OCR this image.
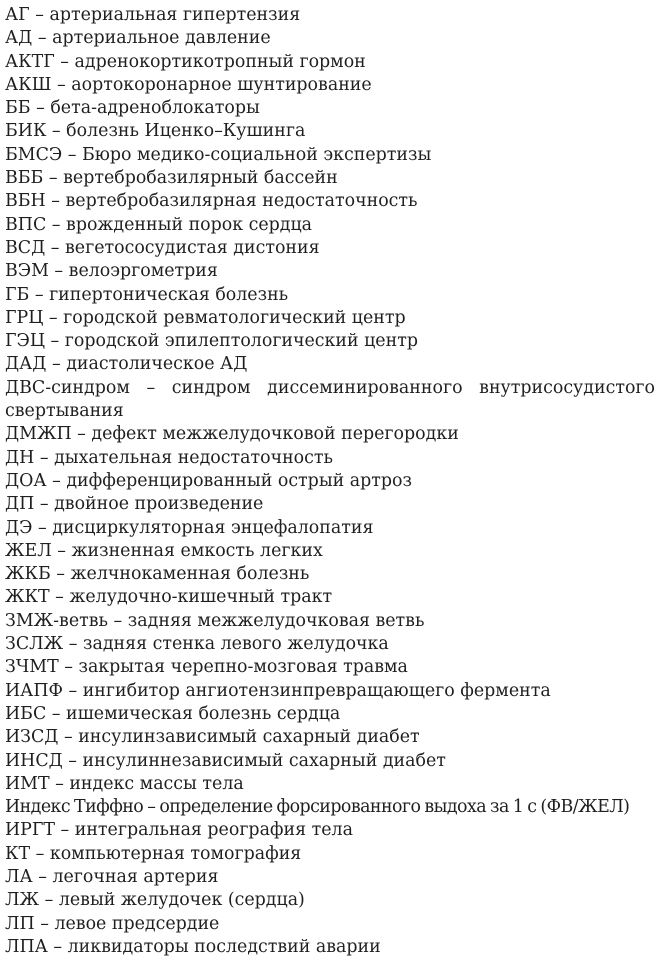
АГ – артериальная гипертензия

АД – артериальное давление

АКТГ – адренокортикотропный гормон

АКШ – аортокоронарное шунтирование

ББ – бета-адреноблокаторы

БИК – болезнь Иценко–Кушинга

БМСЭ – Бюро медико-социальной экспертизы

ВББ – вертебробазилярный бассейн

ВБН – вертебробазилярная недостаточность

ВПС – врожденный порок сердца

ВСД – вегетососудистая дистония

ВЭМ – велоэргометрия

ГБ – гипертоническая болезнь

ГРЦ – городской ревматологический центр

ГЭЦ – городской эпилептологический центр

ДАД – диастолическое АД

ДВС-синдром – синдром диссеминированного внутрисосудистого свертывания

ДМЖП – дефект межжелудочковой перегородки

ДН – дыхательная недостаточность

ДОА – дифференцированный острый артроз

ДП – двойное произведение

ДЭ – дисциркуляторная энцефалопатия

ЖЕЛ – жизненная емкость легких

ЖКБ – желчнокаменная болезнь

ЖКТ – желудочно-кишечный тракт

ЗМЖ-ветвь – задняя межжелудочковая ветвь

ЗСЛЖ – задняя стенка левого желудочка

ЗЧМТ – закрытая черепно-мозговая травма

ИАПФ – ингибитор ангиотензинпревращающего фермента

ИБС – ишемическая болезнь сердца

ИЗСД – инсулинзависимый сахарный диабет

ИНСД – инсулиннезависимый сахарный диабет

ИМТ – индекс массы тела

Индекс Тиффно – определение форсированного выдоха за 1 с (ФВ/ЖЕЛ)

ИРГТ – интегральная реография тела

КТ – компьютерная томография

ЛА – легочная артерия

ЛЖ – левый желудочек (сердца)

ЛП – левое предсердие

ЛПА – ликвидаторы последствий аварии
